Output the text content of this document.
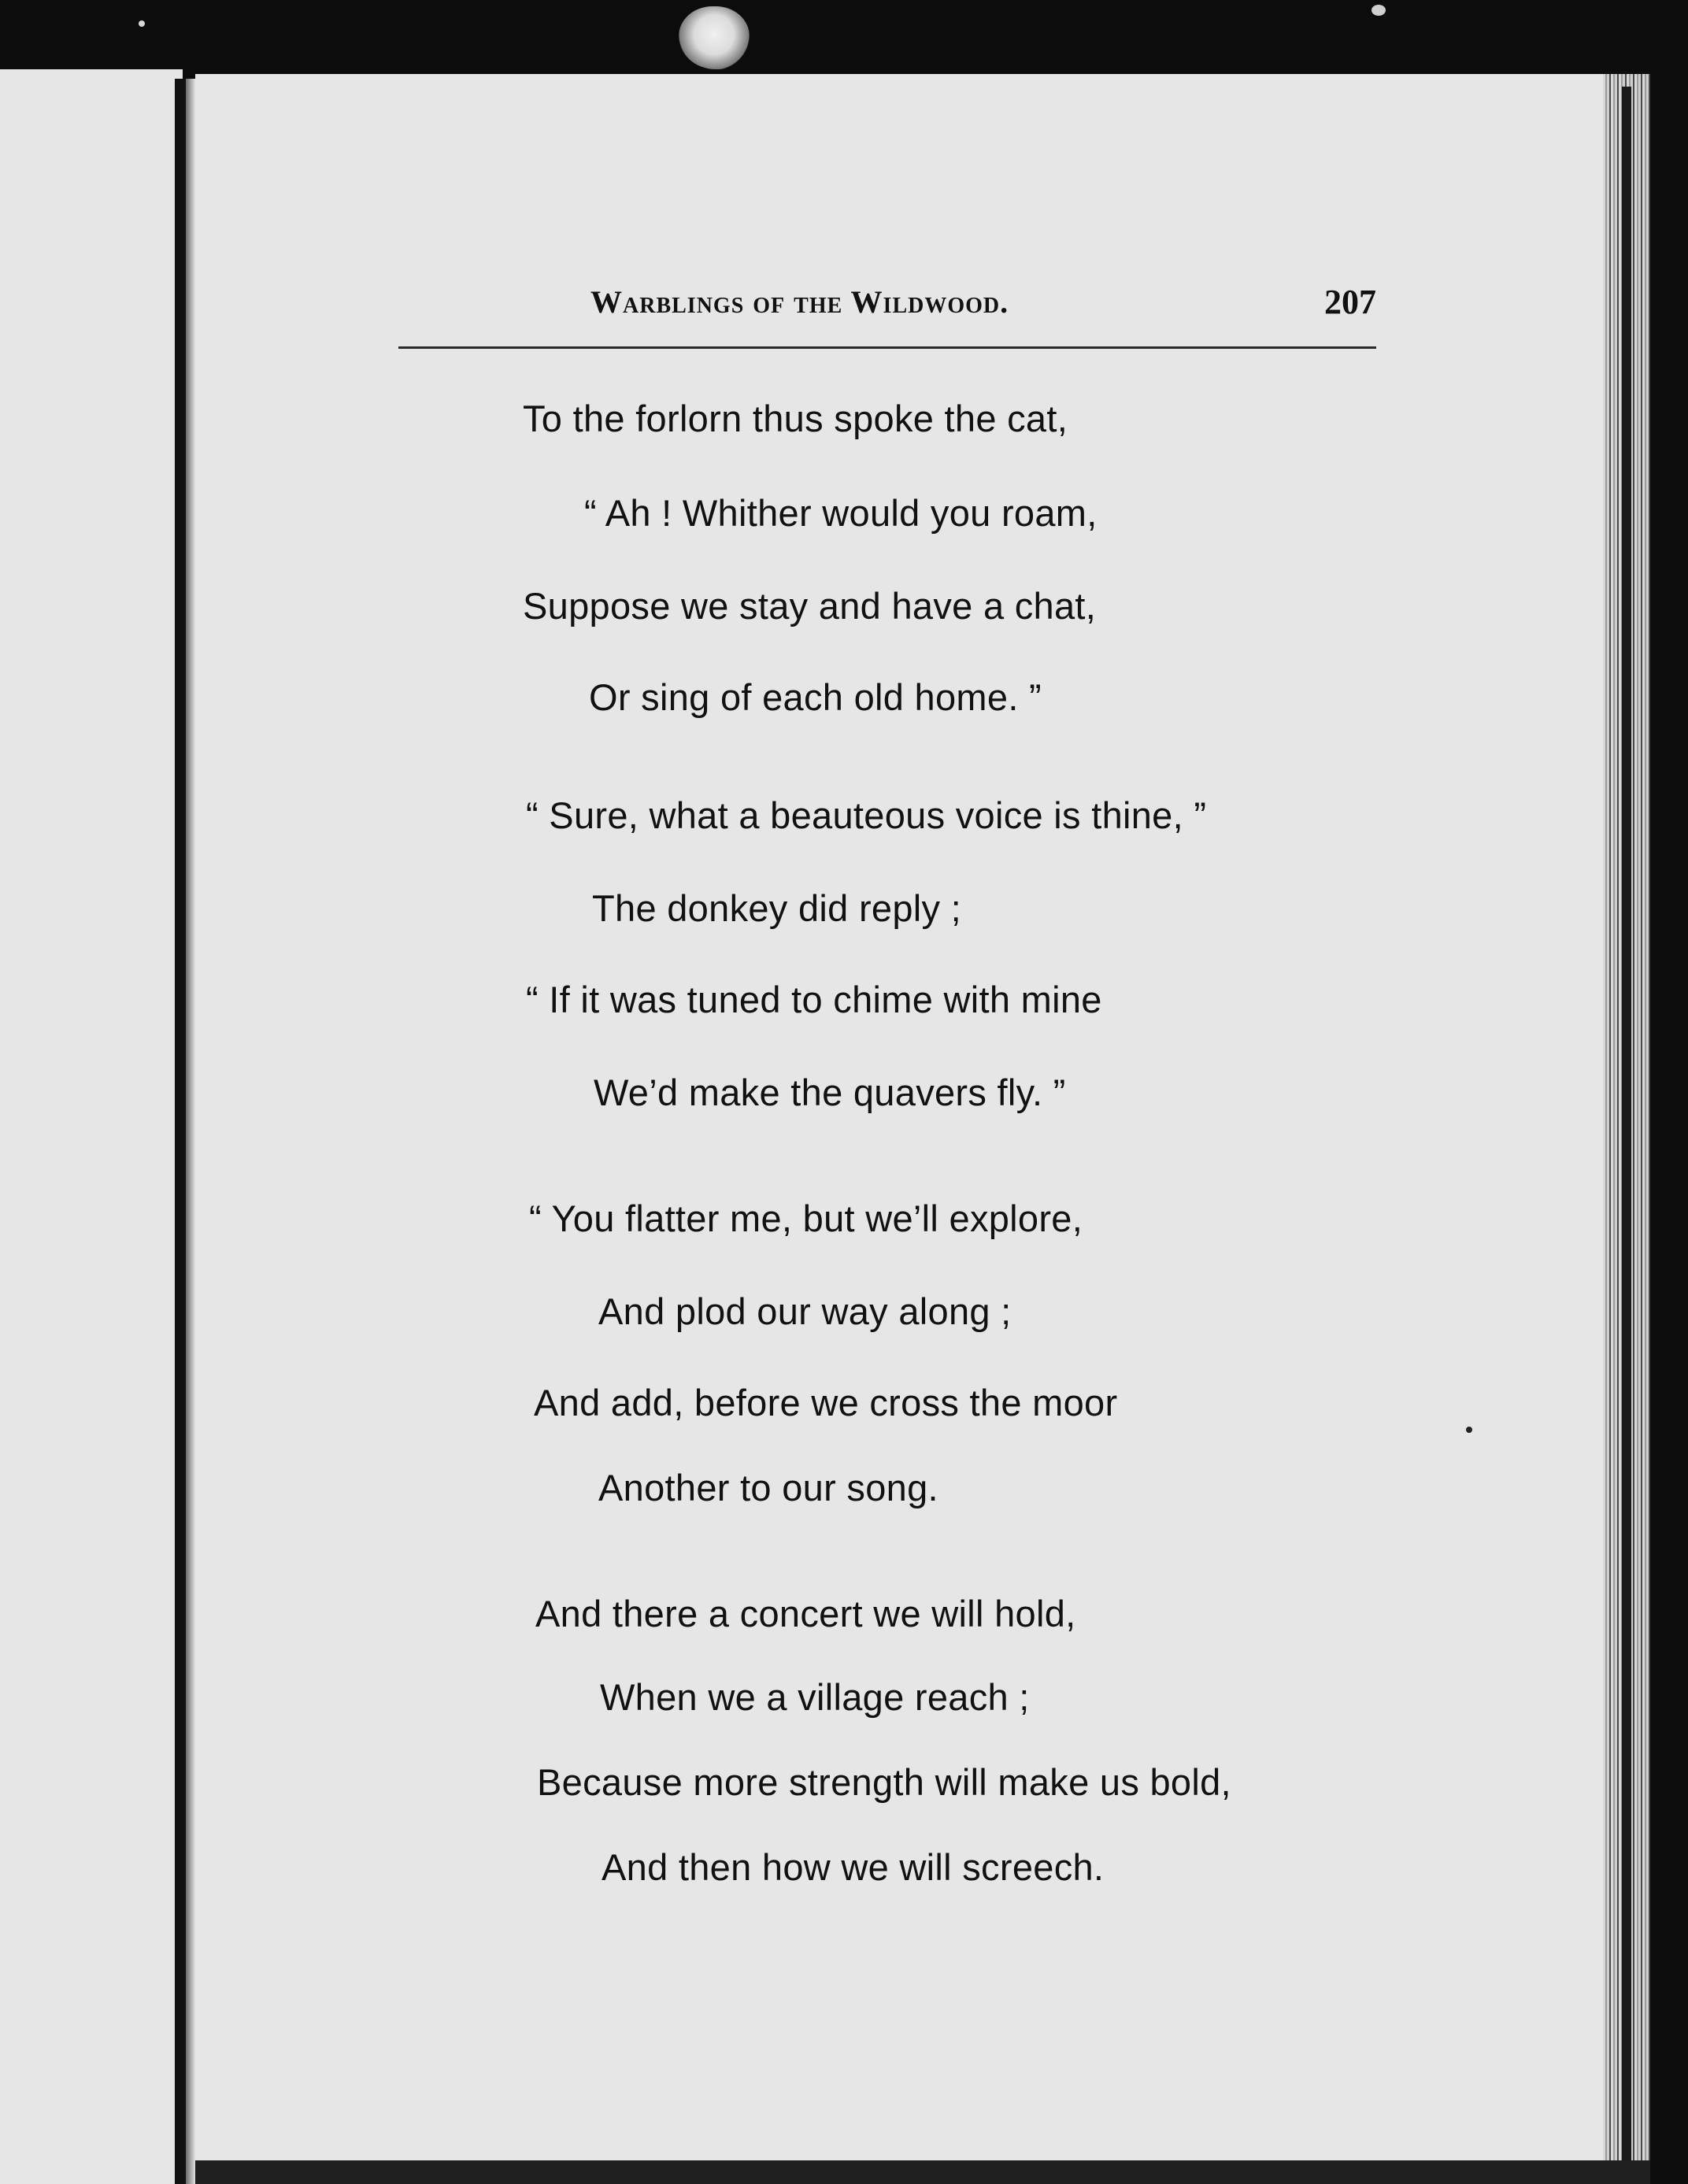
Warblings of the Wildwood.	207
To the forlorn thus spoke the cat,
“ Ah ! Whither would you roam,
Suppose we stay and have a chat,
Or sing of each old home. ”
“ Sure, what a beauteous voice is thine, ”
The donkey did reply ;
“ If it was tuned to chime with mine
We’d make the quavers fly. ”
“ You flatter me, but we’ll explore,
And plod our way along ;
And add, before we cross the moor
Another to our song.
And there a concert we will hold,
When we a village reach ;
Because more strength will make us bold,
And then how we will screech.
